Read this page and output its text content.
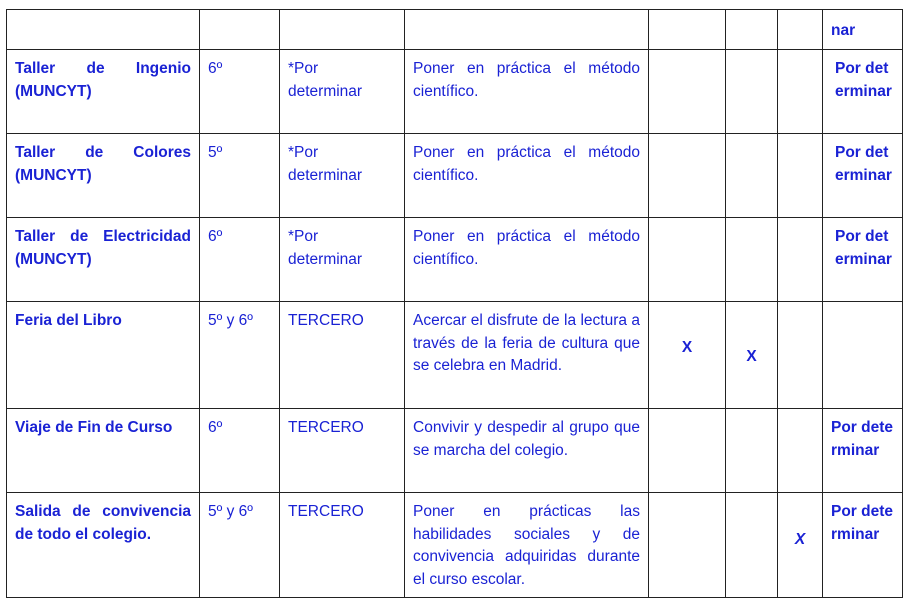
							nar
Taller de Ingenio (MUNCYT)	6º	*Por determinar	Poner en práctica el método científico.				Por determinar
Taller de Colores (MUNCYT)	5º	*Por determinar	Poner en práctica el método científico.				Por determinar
Taller de Electricidad (MUNCYT)	6º	*Por determinar	Poner en práctica el método científico.				Por determinar
Feria del Libro	5º y 6º	TERCERO	Acercar el disfrute de la lectura a través de la feria de cultura que se celebra en Madrid.	X	X		
Viaje de Fin de Curso	6º	TERCERO	Convivir y despedir al grupo que se marcha del colegio.				Por determinar
Salida de convivencia de todo el colegio.	5º y 6º	TERCERO	Poner en prácticas las habilidades sociales y de convivencia adquiridas durante el curso escolar.			X	Por determinar
